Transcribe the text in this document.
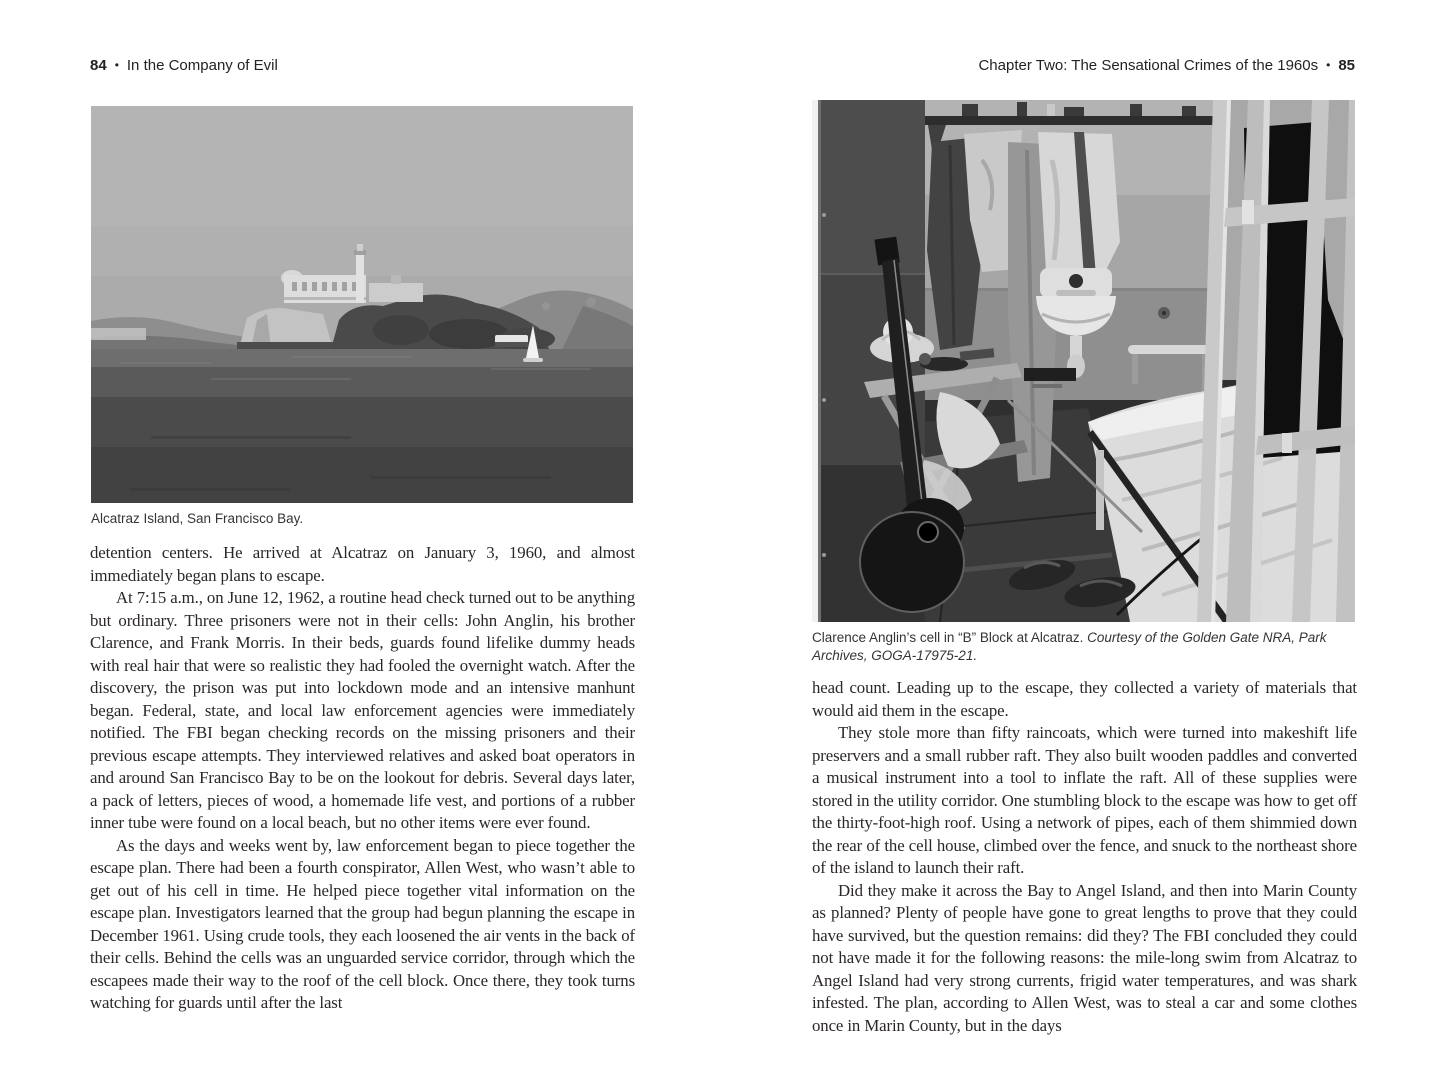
84 • In the Company of Evil	Chapter Two: The Sensational Crimes of the 1960s • 85
Alcatraz Island, San Francisco Bay.

detention centers. He arrived at Alcatraz on January 3, 1960, and almost immediately began plans to escape.

At 7:15 a.m., on June 12, 1962, a routine head check turned out to be anything but ordinary. Three prisoners were not in their cells: John Anglin, his brother Clarence, and Frank Morris. In their beds, guards found lifelike dummy heads with real hair that were so realistic they had fooled the overnight watch. After the discovery, the prison was put into lockdown mode and an intensive manhunt began. Federal, state, and local law enforcement agencies were immediately notified. The FBI began checking records on the missing prisoners and their previous escape attempts. They interviewed relatives and asked boat operators in and around San Francisco Bay to be on the lookout for debris. Several days later, a pack of letters, pieces of wood, a homemade life vest, and portions of a rubber inner tube were found on a local beach, but no other items were ever found.

As the days and weeks went by, law enforcement began to piece together the escape plan. There had been a fourth conspirator, Allen West, who wasn’t able to get out of his cell in time. He helped piece together vital information on the escape plan. Investigators learned that the group had begun planning the escape in December 1961. Using crude tools, they each loosened the air vents in the back of their cells. Behind the cells was an unguarded service corridor, through which the escapees made their way to the roof of the cell block. Once there, they took turns watching for guards until after the last

Clarence Anglin’s cell in “B” Block at Alcatraz. Courtesy of the Golden Gate NRA, Park Archives, GOGA-17975-21.

head count. Leading up to the escape, they collected a variety of materials that would aid them in the escape.

They stole more than fifty raincoats, which were turned into makeshift life preservers and a small rubber raft. They also built wooden paddles and converted a musical instrument into a tool to inflate the raft. All of these supplies were stored in the utility corridor. One stumbling block to the escape was how to get off the thirty-foot-high roof. Using a network of pipes, each of them shimmied down the rear of the cell house, climbed over the fence, and snuck to the northeast shore of the island to launch their raft.

Did they make it across the Bay to Angel Island, and then into Marin County as planned? Plenty of people have gone to great lengths to prove that they could have survived, but the question remains: did they? The FBI concluded they could not have made it for the following reasons: the mile-long swim from Alcatraz to Angel Island had very strong currents, frigid water temperatures, and was shark infested. The plan, according to Allen West, was to steal a car and some clothes once in Marin County, but in the days
